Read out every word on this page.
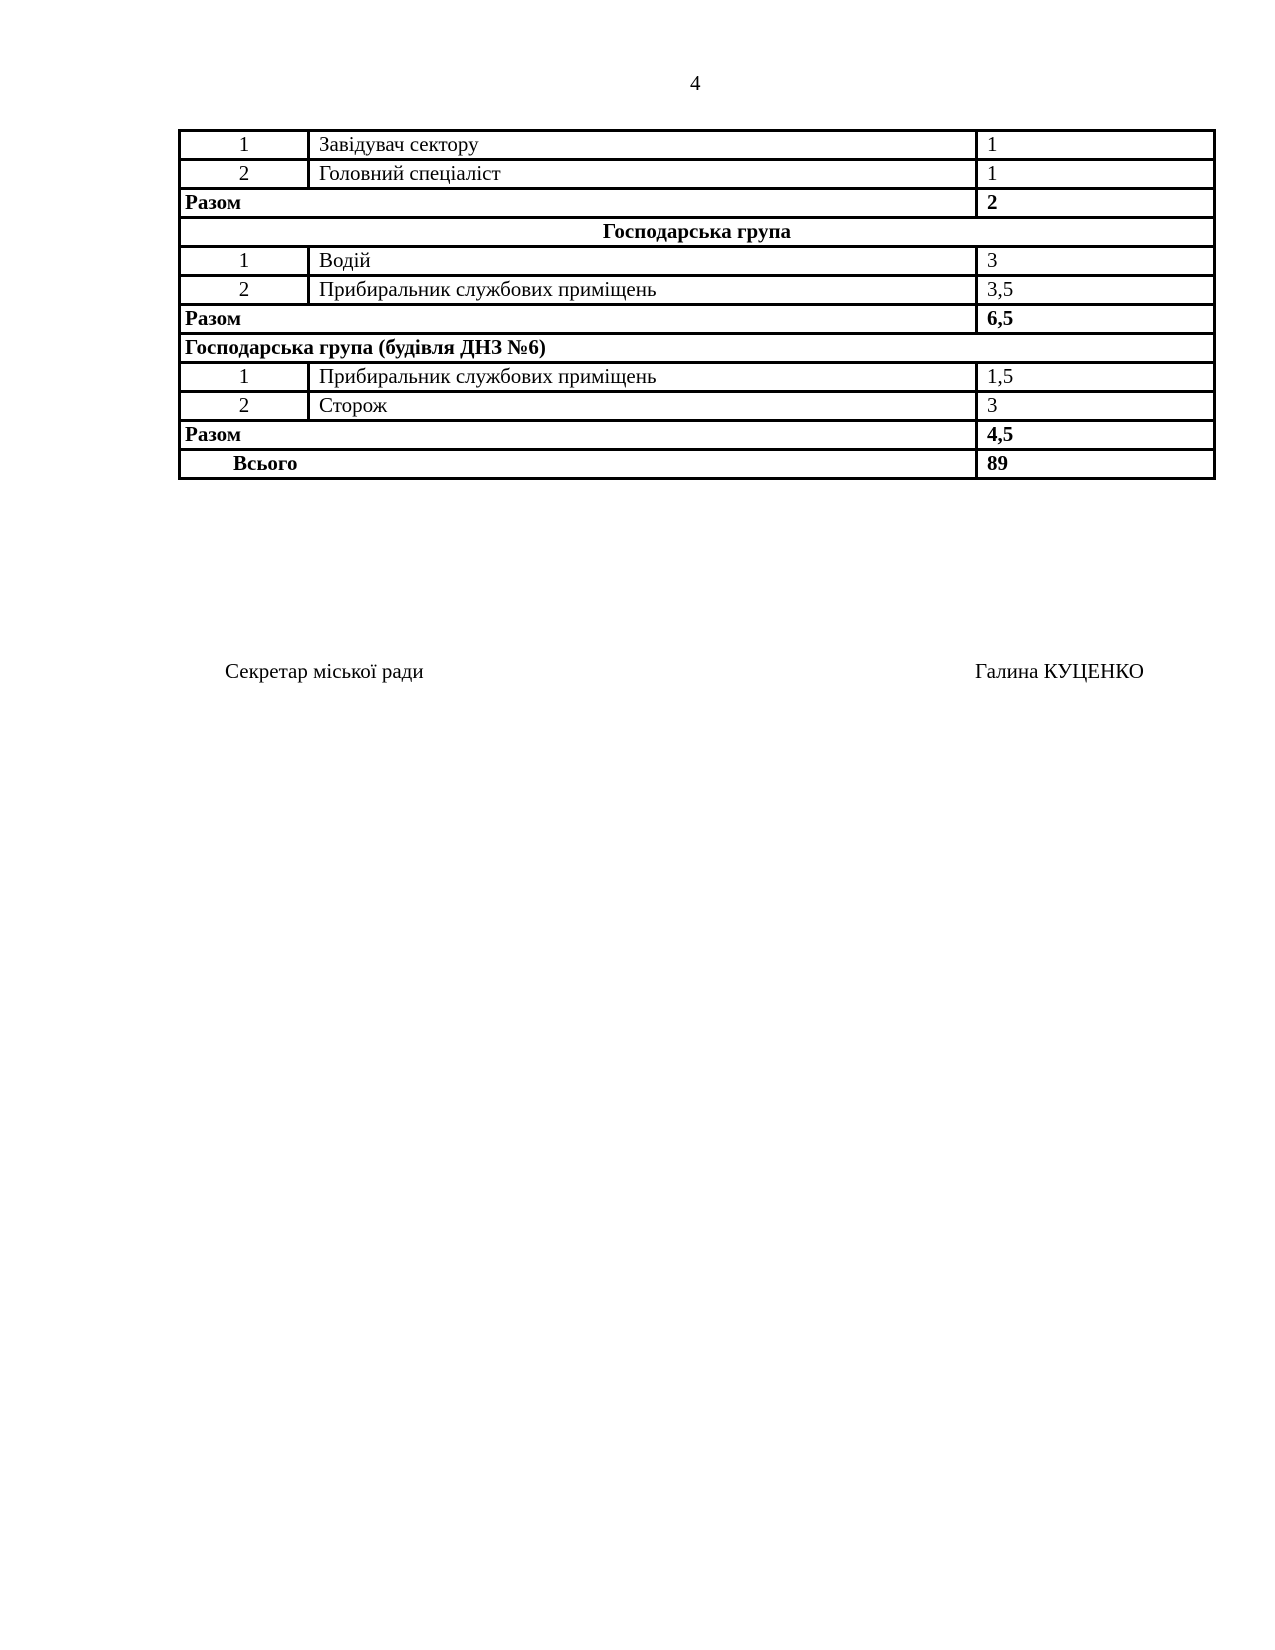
4
1	Завідувач сектору	1
2	Головний спеціаліст	1
Разом		2
Господарська група		
1	Водій	3
2	Прибиральник службових приміщень	3,5
Разом		6,5
Господарська група (будівля ДНЗ №6)		
1	Прибиральник службових приміщень	1,5
2	Сторож	3
Разом		4,5
Всього		89
Секретар міської ради	Галина КУЦЕНКО
